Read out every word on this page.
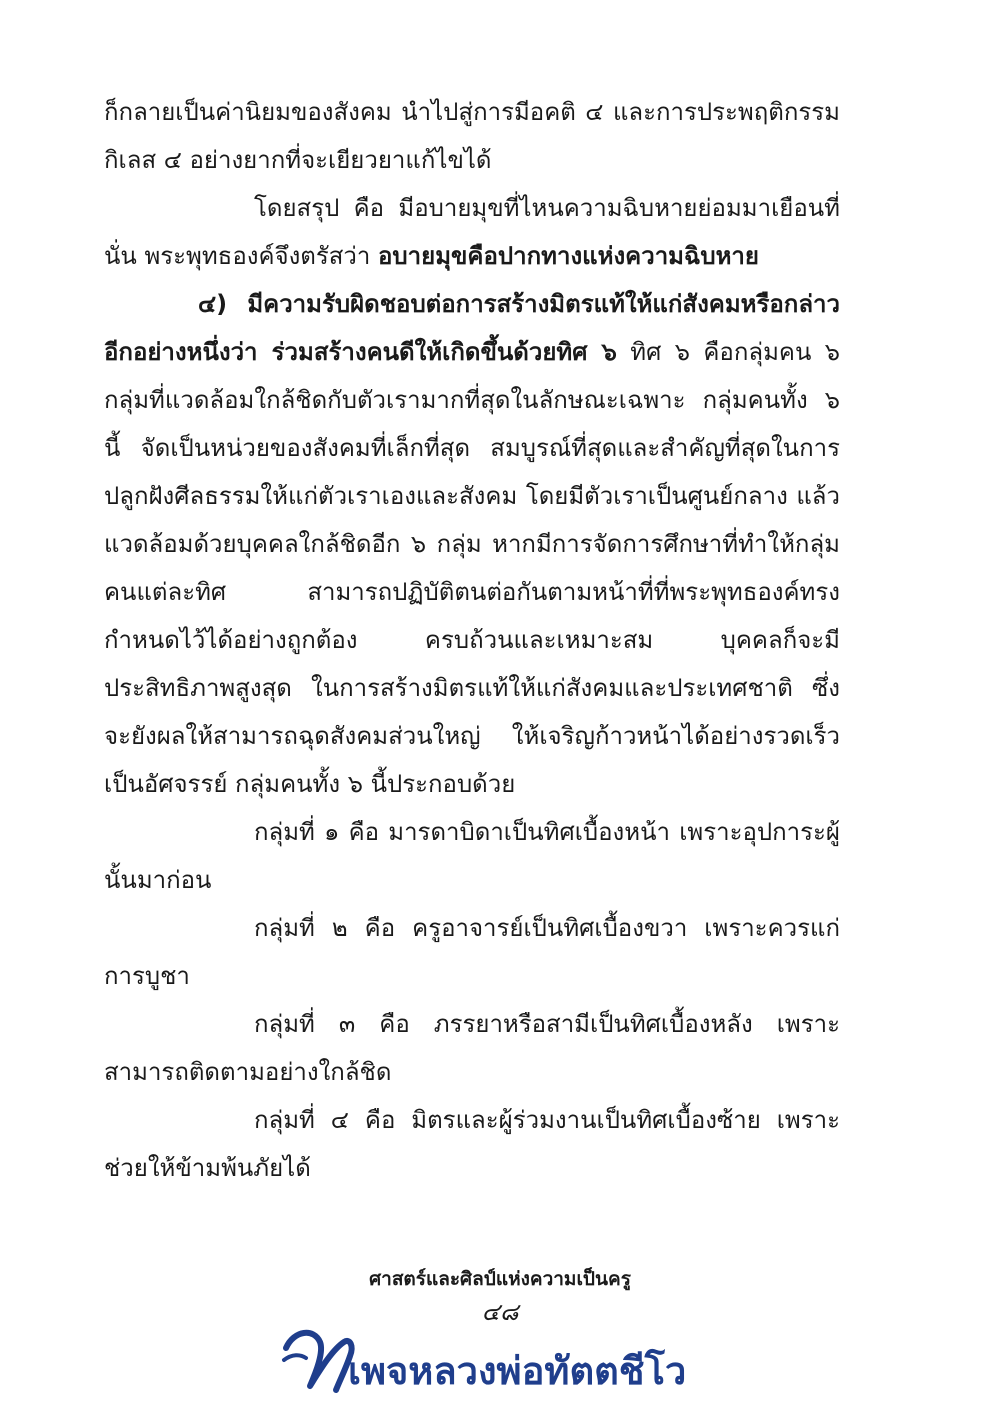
ก็กลายเป็นค่านิยมของสังคม นำไปสู่การมีอคติ ๔ และการประพฤติกรรมกิเลส ๔ อย่างยากที่จะเยียวยาแก้ไขได้

โดยสรุป คือ มีอบายมุขที่ไหนความฉิบหายย่อมมาเยือนที่นั่น พระพุทธองค์จึงตรัสว่า อบายมุขคือปากทางแห่งความฉิบหาย

๔) มีความรับผิดชอบต่อการสร้างมิตรแท้ให้แก่สังคมหรือกล่าวอีกอย่างหนึ่งว่า ร่วมสร้างคนดีให้เกิดขึ้นด้วยทิศ ๖ ทิศ ๖ คือกลุ่มคน ๖ กลุ่มที่แวดล้อมใกล้ชิดกับตัวเรามากที่สุดในลักษณะเฉพาะ กลุ่มคนทั้ง ๖ นี้ จัดเป็นหน่วยของสังคมที่เล็กที่สุด สมบูรณ์ที่สุดและสำคัญที่สุดในการปลูกฝังศีลธรรมให้แก่ตัวเราเองและสังคม โดยมีตัวเราเป็นศูนย์กลาง แล้วแวดล้อมด้วยบุคคลใกล้ชิดอีก ๖ กลุ่ม หากมีการจัดการศึกษาที่ทำให้กลุ่มคนแต่ละทิศ สามารถปฏิบัติตนต่อกันตามหน้าที่ที่พระพุทธองค์ทรงกำหนดไว้ได้อย่างถูกต้อง ครบถ้วนและเหมาะสม บุคคลก็จะมีประสิทธิภาพสูงสุด ในการสร้างมิตรแท้ให้แก่สังคมและประเทศชาติ ซึ่งจะยังผลให้สามารถฉุดสังคมส่วนใหญ่ ให้เจริญก้าวหน้าได้อย่างรวดเร็วเป็นอัศจรรย์ กลุ่มคนทั้ง ๖ นี้ประกอบด้วย

กลุ่มที่ ๑ คือ มารดาบิดาเป็นทิศเบื้องหน้า เพราะอุปการะผู้นั้นมาก่อน

กลุ่มที่ ๒ คือ ครูอาจารย์เป็นทิศเบื้องขวา เพราะควรแก่การบูชา

กลุ่มที่ ๓ คือ ภรรยาหรือสามีเป็นทิศเบื้องหลัง เพราะสามารถติดตามอย่างใกล้ชิด

กลุ่มที่ ๔ คือ มิตรและผู้ร่วมงานเป็นทิศเบื้องซ้าย เพราะช่วยให้ข้ามพ้นภัยได้

ศาสตร์และศิลป์แห่งความเป็นครู
๔๘
เพจหลวงพ่อทัตตชีโว
